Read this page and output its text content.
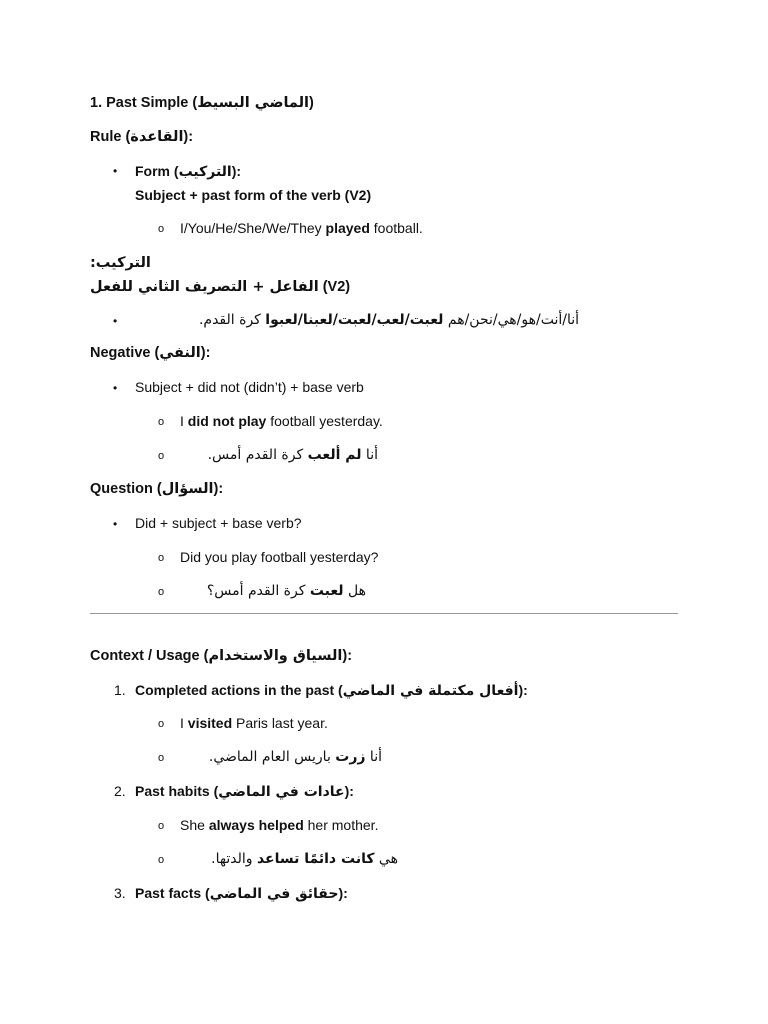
1. Past Simple (الماضي البسيط)
Rule (القاعدة):
• Form (التركيب):
Subject + past form of the verb (V2)
o I/You/He/She/We/They played football.
التركيب:
الفاعل + التصريف الثاني للفعل (V2)
•	أنا/أنت/هو/هي/نحن/هم لعبت/لعب/لعبت/لعبنا/لعبوا كرة القدم.
Negative (النفي):
• Subject + did not (didn’t) + base verb
o I did not play football yesterday.
o	أنا لم ألعب كرة القدم أمس.
Question (السؤال):
• Did + subject + base verb?
o Did you play football yesterday?
o	هل لعبت كرة القدم أمس؟
Context / Usage (السياق والاستخدام):
1. Completed actions in the past (أفعال مكتملة في الماضي):
o I visited Paris last year.
o	أنا زرت باريس العام الماضي.
2. Past habits (عادات في الماضي):
o She always helped her mother.
o	هي كانت دائمًا تساعد والدتها.
3. Past facts (حقائق في الماضي):
